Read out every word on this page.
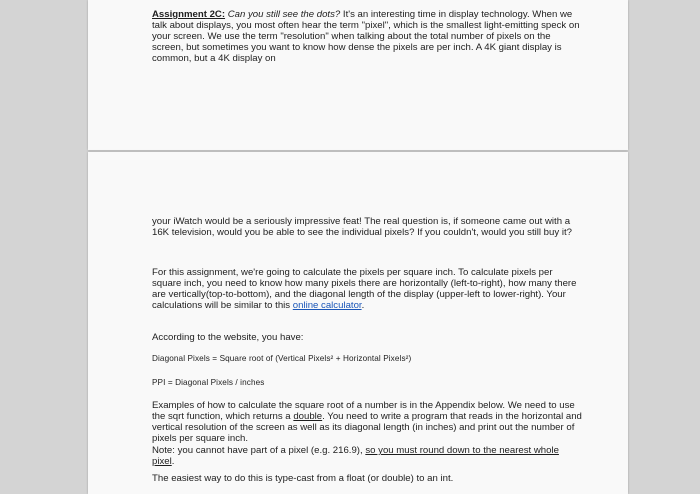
Assignment 2C: Can you still see the dots? It's an interesting time in display technology. When we talk about displays, you most often hear the term "pixel", which is the smallest light-emitting speck on your screen. We use the term "resolution" when talking about the total number of pixels on the screen, but sometimes you want to know how dense the pixels are per inch. A 4K giant display is common, but a 4K display on

your iWatch would be a seriously impressive feat! The real question is, if someone came out with a 16K television, would you be able to see the individual pixels? If you couldn't, would you still buy it?

For this assignment, we're going to calculate the pixels per square inch. To calculate pixels per square inch, you need to know how many pixels there are horizontally (left-to-right), how many there are vertically(top-to-bottom), and the diagonal length of the display (upper-left to lower-right). Your calculations will be similar to this online calculator.

According to the website, you have:

Diagonal Pixels = Square root of (Vertical Pixels² + Horizontal Pixels²)

PPI = Diagonal Pixels / inches

Examples of how to calculate the square root of a number is in the Appendix below. We need to use the sqrt function, which returns a double. You need to write a program that reads in the horizontal and vertical resolution of the screen as well as its diagonal length (in inches) and print out the number of pixels per square inch.

Note: you cannot have part of a pixel (e.g. 216.9), so you must round down to the nearest whole pixel.

The easiest way to do this is type-cast from a float (or double) to an int.
